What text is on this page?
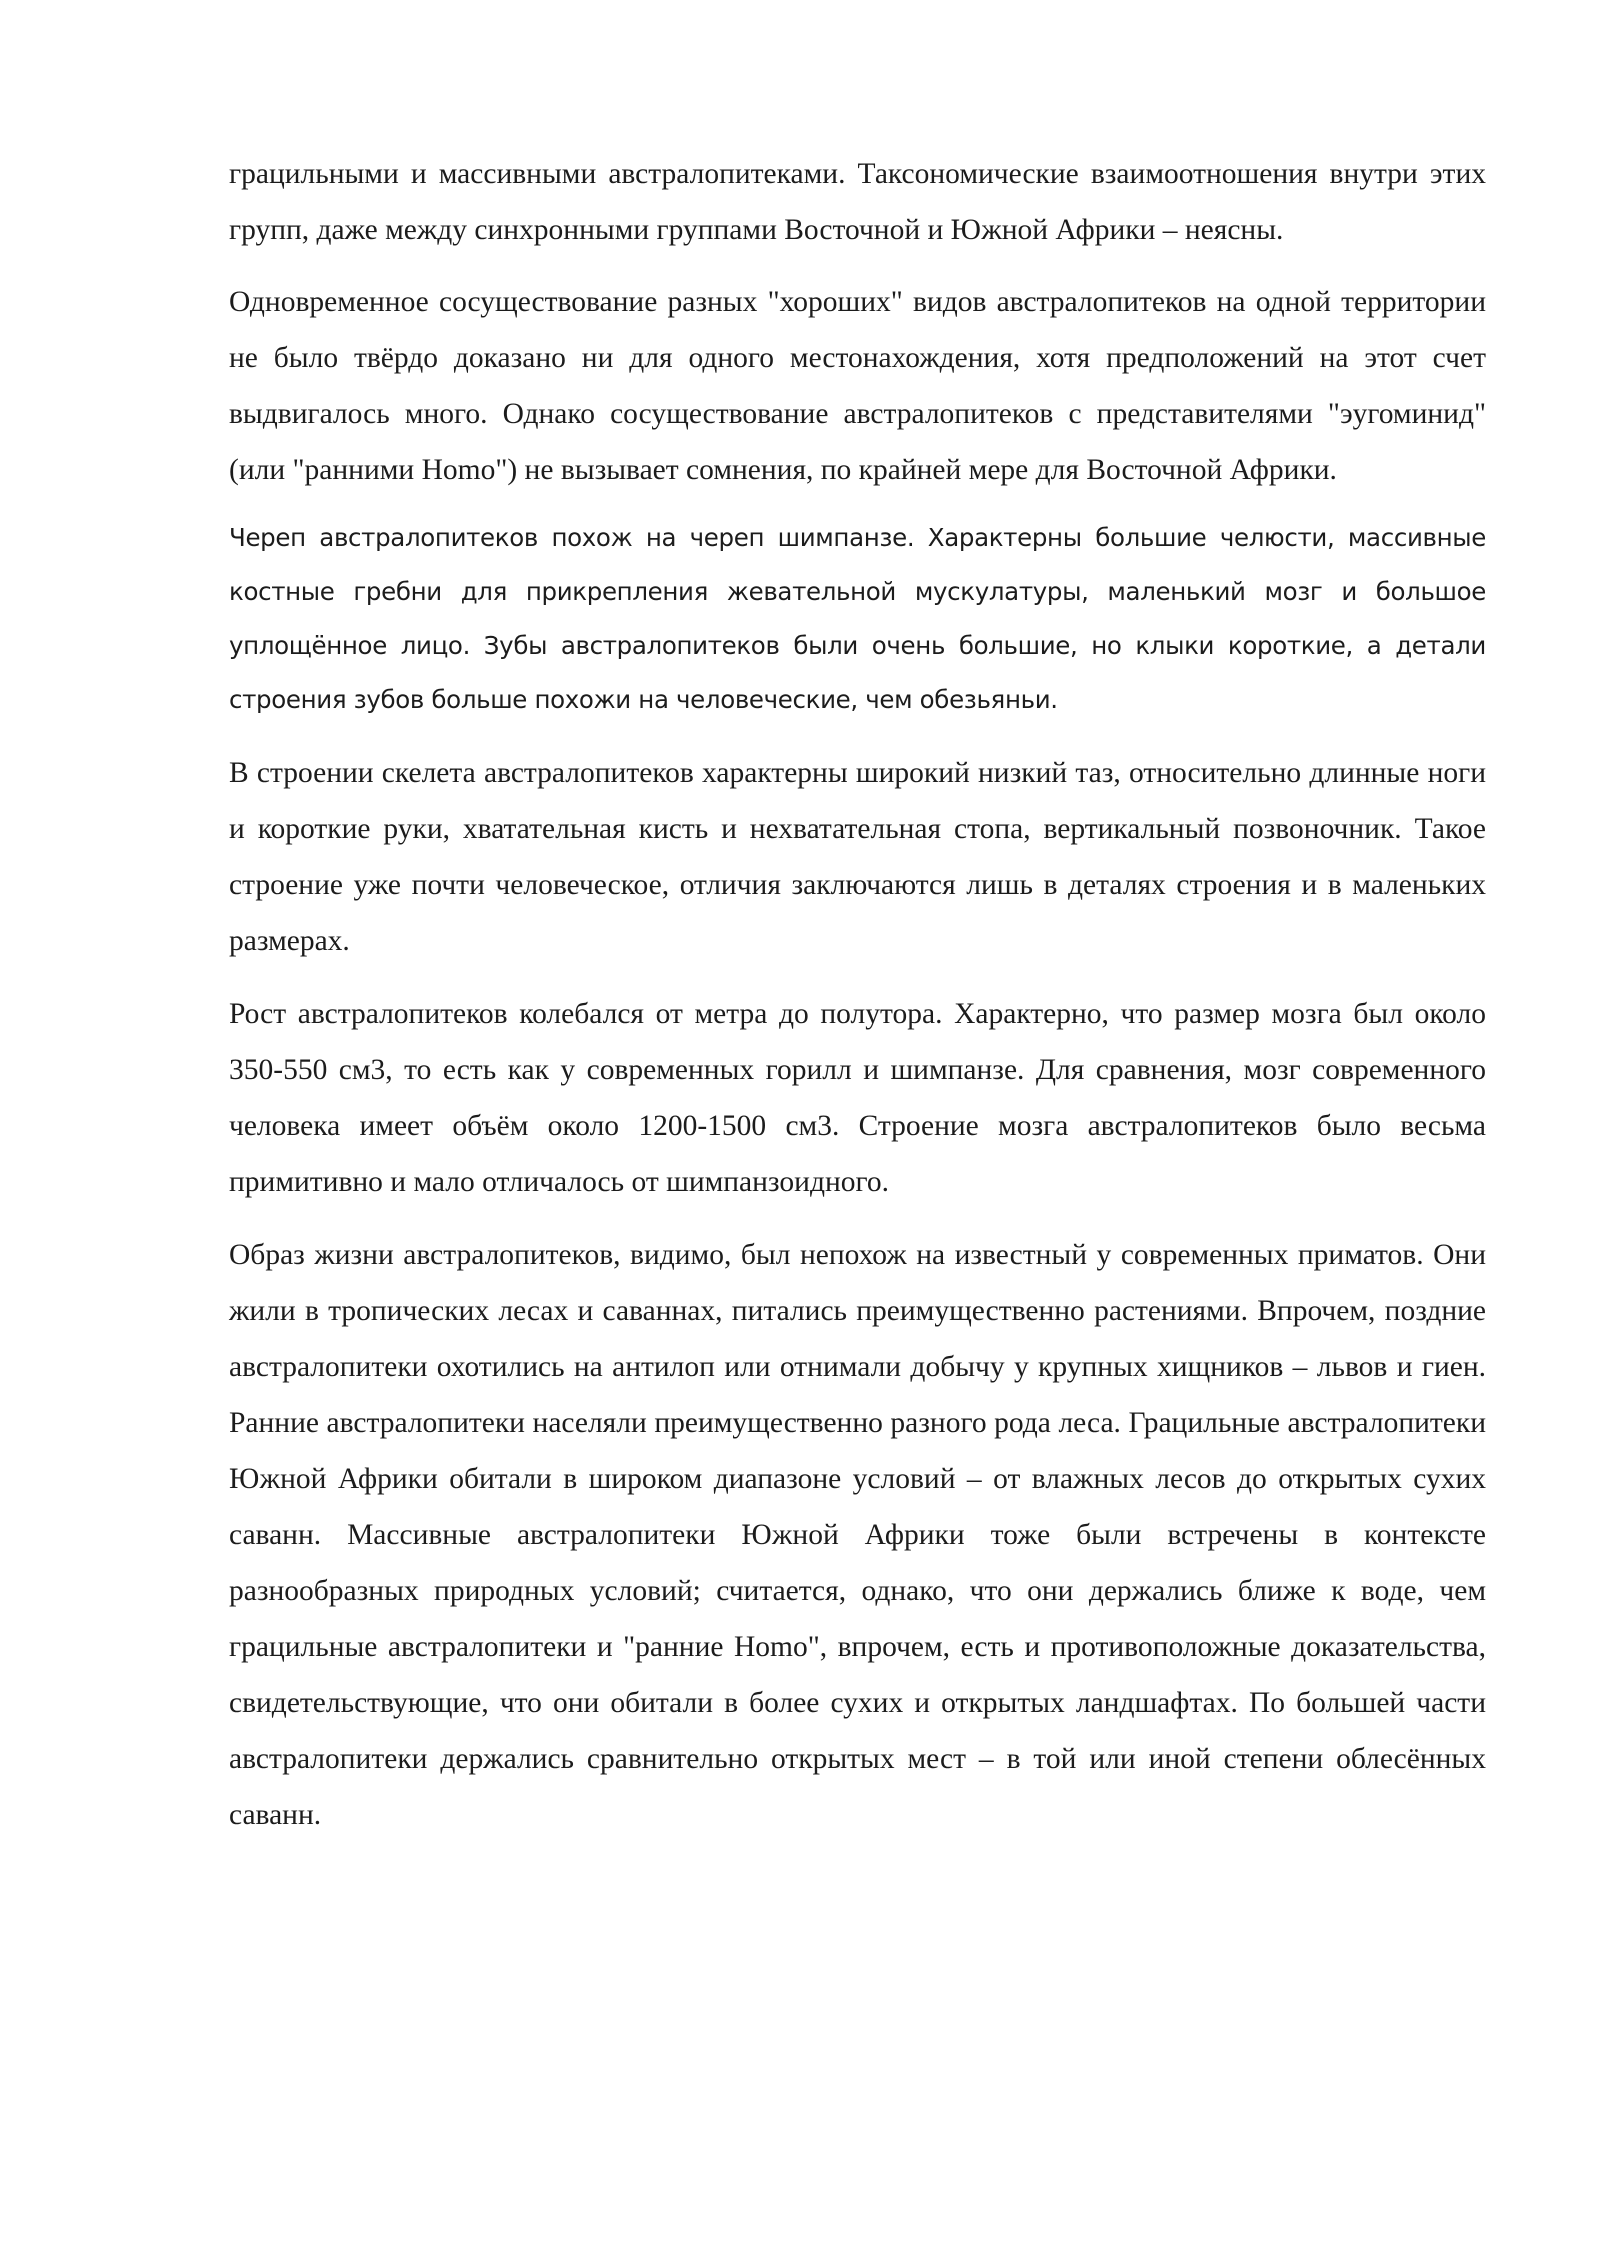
грацильными и массивными австралопитеками. Таксономические взаимоотношения внутри этих групп, даже между синхронными группами Восточной и Южной Африки – неясны.

Одновременное сосуществование разных "хороших" видов австралопитеков на одной территории не было твёрдо доказано ни для одного местонахождения, хотя предположений на этот счет выдвигалось много. Однако сосуществование австралопитеков с представителями "эугоминид" (или "ранними Homo") не вызывает сомнения, по крайней мере для Восточной Африки.

Череп австралопитеков похож на череп шимпанзе. Характерны большие челюсти, массивные костные гребни для прикрепления жевательной мускулатуры, маленький мозг и большое уплощённое лицо. Зубы австралопитеков были очень большие, но клыки короткие, а детали строения зубов больше похожи на человеческие, чем обезьяньи.

В строении скелета австралопитеков характерны широкий низкий таз, относительно длинные ноги и короткие руки, хватательная кисть и нехватательная стопа, вертикальный позвоночник. Такое строение уже почти человеческое, отличия заключаются лишь в деталях строения и в маленьких размерах.

Рост австралопитеков колебался от метра до полутора. Характерно, что размер мозга был около 350-550 см3, то есть как у современных горилл и шимпанзе. Для сравнения, мозг современного человека имеет объём около 1200-1500 см3. Строение мозга австралопитеков было весьма примитивно и мало отличалось от шимпанзоидного.

Образ жизни австралопитеков, видимо, был непохож на известный у современных приматов. Они жили в тропических лесах и саваннах, питались преимущественно растениями. Впрочем, поздние австралопитеки охотились на антилоп или отнимали добычу у крупных хищников – львов и гиен. Ранние австралопитеки населяли преимущественно разного рода леса. Грацильные австралопитеки Южной Африки обитали в широком диапазоне условий – от влажных лесов до открытых сухих саванн. Массивные австралопитеки Южной Африки тоже были встречены в контексте разнообразных природных условий; считается, однако, что они держались ближе к воде, чем грацильные австралопитеки и "ранние Homo", впрочем, есть и противоположные доказательства, свидетельствующие, что они обитали в более сухих и открытых ландшафтах. По большей части австралопитеки держались сравнительно открытых мест – в той или иной степени облесённых саванн.
